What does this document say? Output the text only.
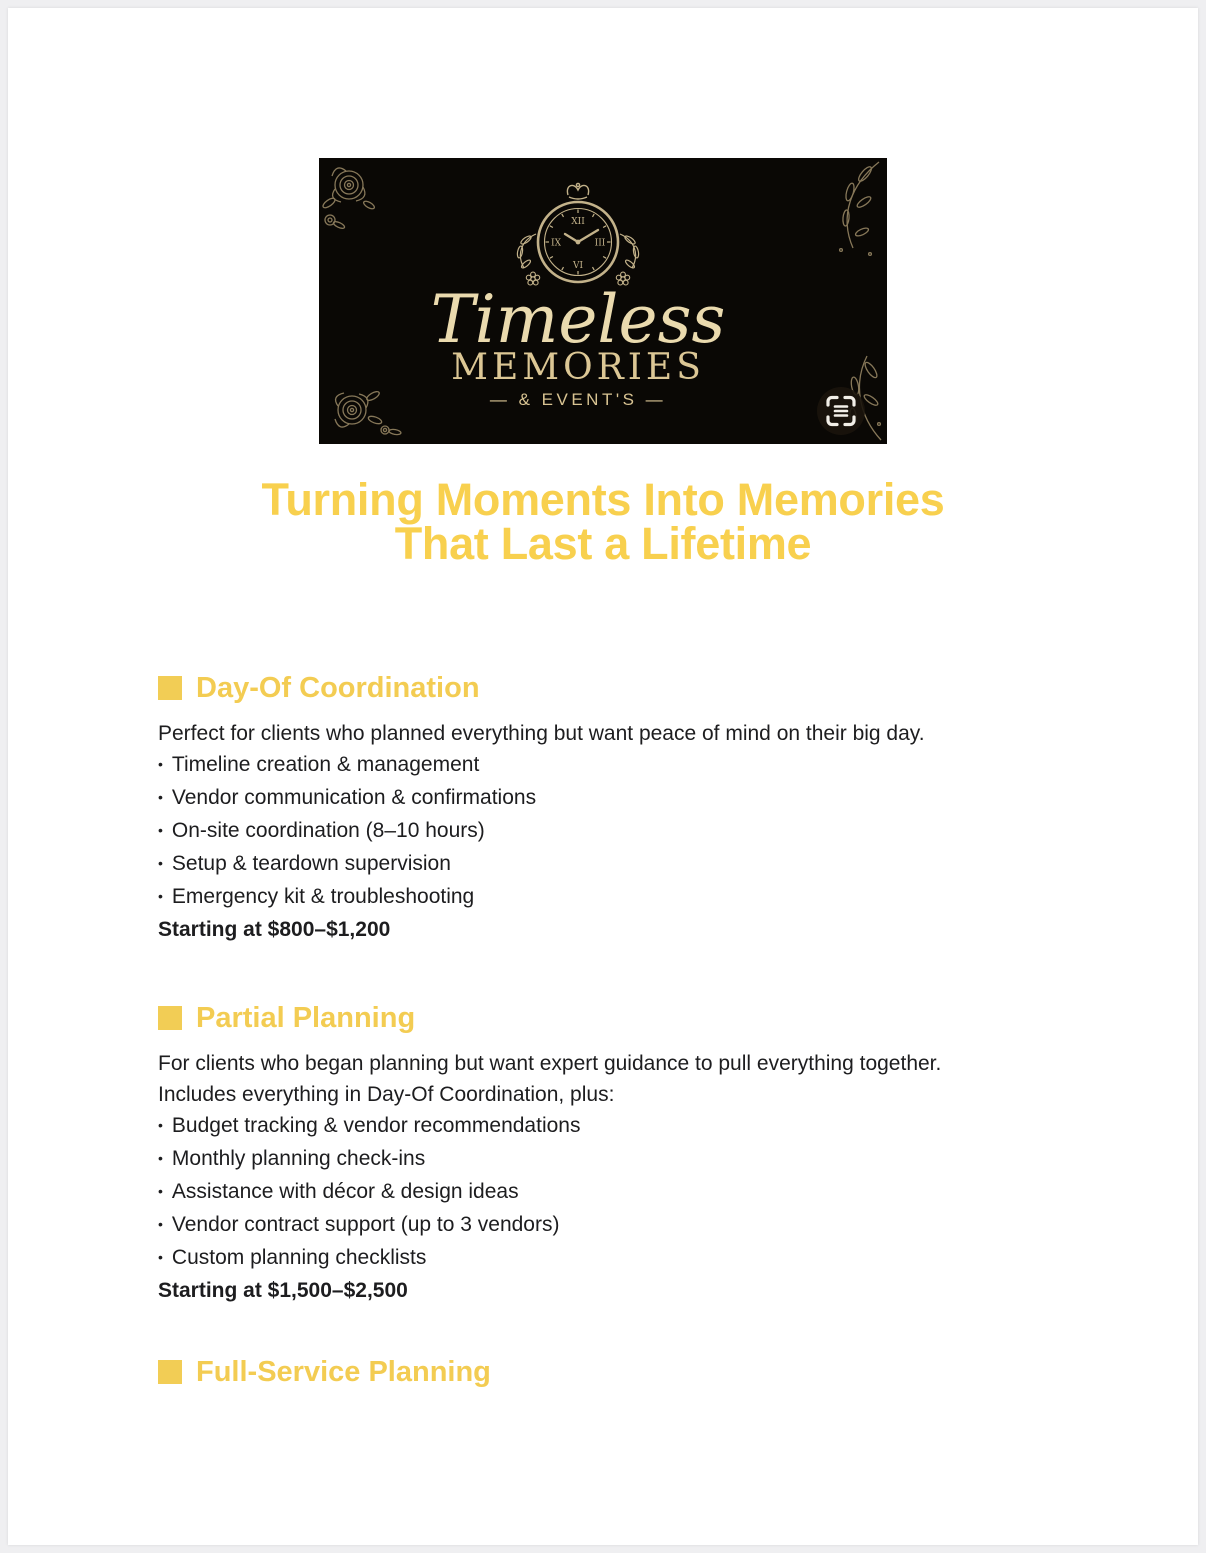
XII
III
VI
IX
Timeless
MEMORIES
— & EVENT'S —
Turning Moments Into Memories
That Last a Lifetime
Day-Of Coordination

Perfect for clients who planned everything but want peace of mind on their big day.

• Timeline creation & management
• Vendor communication & confirmations
• On-site coordination (8–10 hours)
• Setup & teardown supervision
• Emergency kit & troubleshooting

Starting at $800–$1,200

Partial Planning

For clients who began planning but want expert guidance to pull everything together.

Includes everything in Day-Of Coordination, plus:

• Budget tracking & vendor recommendations
• Monthly planning check-ins
• Assistance with décor & design ideas
• Vendor contract support (up to 3 vendors)
• Custom planning checklists

Starting at $1,500–$2,500

Full-Service Planning
